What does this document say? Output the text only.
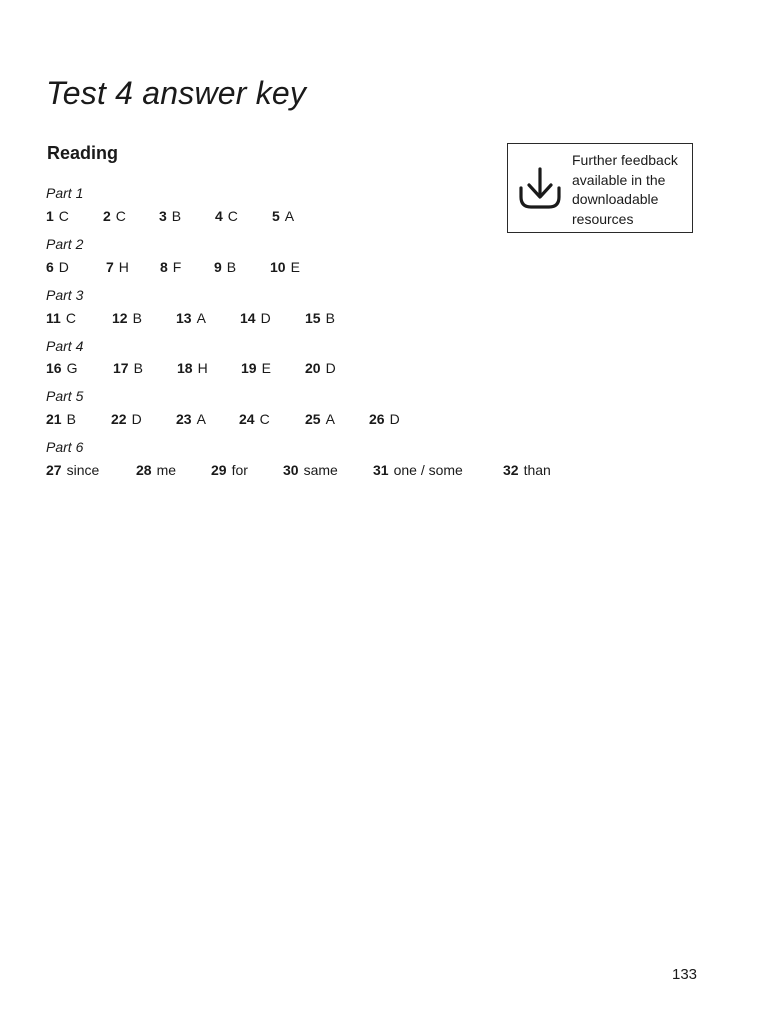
Test 4 answer key
Reading	Further feedback
available in the
downloadable
resources
Part 1
1 C 2 C 3 B 4 C 5 A
Part 2
6 D	7 H 8 F 9 B 10 E
Part 3
11 C	12 B 13 A 14 D 15 B
Part 4
16 G	17 B 18 H 19 E 20 D
Part 5
21 B	22 D 23 A 24 C	25 A 26 D
Part 6
27 since	28 me 29 for	30 same	31 one / some	32 than
133
